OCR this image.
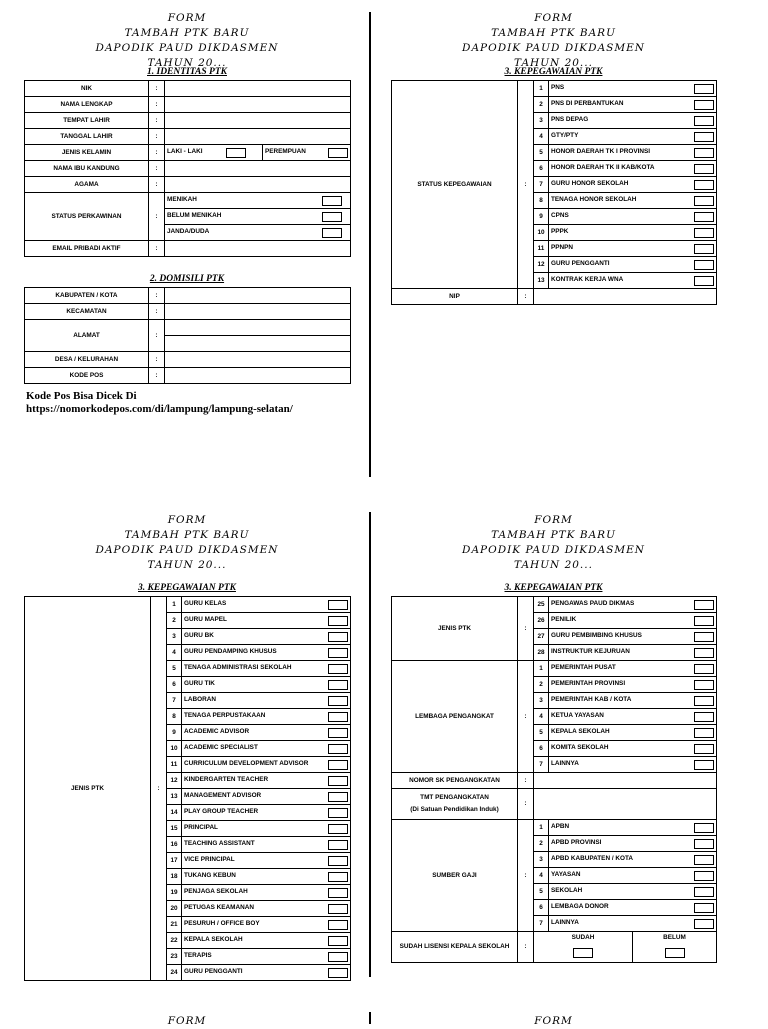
FORM
TAMBAH PTK BARU
DAPODIK PAUD DIKDASMEN
TAHUN 20...
1. IDENTITAS PTK
NIK	:		
NAMA LENGKAP	:		
TEMPAT LAHIR	:		
TANGGAL LAHIR	:		
JENIS KELAMIN	:	LAKI - LAKI	PEREMPUAN

NAMA IBU KANDUNG	:		
AGAMA	:		
STATUS PERKAWINAN	:	MENIKAH	

		BELUM MENIKAH	

		JANDA/DUDA	

EMAIL PRIBADI AKTIF	:		
2. DOMISILI PTK
KABUPATEN / KOTA	:	
KECAMATAN	:	
ALAMAT	:	

DESA / KELURAHAN	:	
KODE POS	:	
Kode Pos Bisa Dicek Di
https://nomorkodepos.com/di/lampung/lampung-selatan/
FORM
TAMBAH PTK BARU
DAPODIK PAUD DIKDASMEN
TAHUN 20...
3. KEPEGAWAIAN PTK
STATUS KEPEGAWAIAN	:	1	PNS

		2	PNS DI PERBANTUKAN

		3	PNS DEPAG

		4	GTY/PTY

		5	HONOR DAERAH TK I PROVINSI

		6	HONOR DAERAH TK II KAB/KOTA

		7	GURU HONOR SEKOLAH

		8	TENAGA HONOR SEKOLAH

		9	CPNS

		10	PPPK

		11	PPNPN

		12	GURU PENGGANTI

		13	KONTRAK KERJA WNA

NIP	:		
FORM
TAMBAH PTK BARU
DAPODIK PAUD DIKDASMEN
TAHUN 20...
3. KEPEGAWAIAN PTK
JENIS PTK	:	1	GURU KELAS

		2	GURU MAPEL

		3	GURU BK

		4	GURU PENDAMPING KHUSUS

		5	TENAGA ADMINISTRASI SEKOLAH

		6	GURU TIK

		7	LABORAN

		8	TENAGA PERPUSTAKAAN

		9	ACADEMIC ADVISOR

		10	ACADEMIC SPECIALIST

		11	CURRICULUM DEVELOPMENT ADVISOR

		12	KINDERGARTEN TEACHER

		13	MANAGEMENT ADVISOR

		14	PLAY GROUP TEACHER

		15	PRINCIPAL

		16	TEACHING ASSISTANT

		17	VICE PRINCIPAL

		18	TUKANG KEBUN

		19	PENJAGA SEKOLAH

		20	PETUGAS KEAMANAN

		21	PESURUH / OFFICE BOY

		22	KEPALA SEKOLAH

		23	TERAPIS

		24	GURU PENGGANTI
FORM
TAMBAH PTK BARU
DAPODIK PAUD DIKDASMEN
TAHUN 20...
3. KEPEGAWAIAN PTK
JENIS PTK	:	25	PENGAWAS PAUD DIKMAS	

		26	PENILIK	

		27	GURU PEMBIMBING KHUSUS	

		28	INSTRUKTUR KEJURUAN	

LEMBAGA PENGANGKAT	:	1	PEMERINTAH PUSAT	

		2	PEMERINTAH PROVINSI	

		3	PEMERINTAH KAB / KOTA	

		4	KETUA YAYASAN	

		5	KEPALA SEKOLAH	

		6	KOMITA SEKOLAH	

		7	LAINNYA	

NOMOR SK PENGANGKATAN	:			

TMT PENGANGKATAN
(Di Satuan Pendidikan Induk)	:			
SUMBER GAJI	:	1	APBN	

		2	APBD PROVINSI	

		3	APBD KABUPATEN / KOTA	

		4	YAYASAN	

		5	SEKOLAH	

		6	LEMBAGA DONOR	

		7	LAINNYA	

SUDAH LISENSI KEPALA SEKOLAH	:	SUDAH		BELUM
FORM	FORM
